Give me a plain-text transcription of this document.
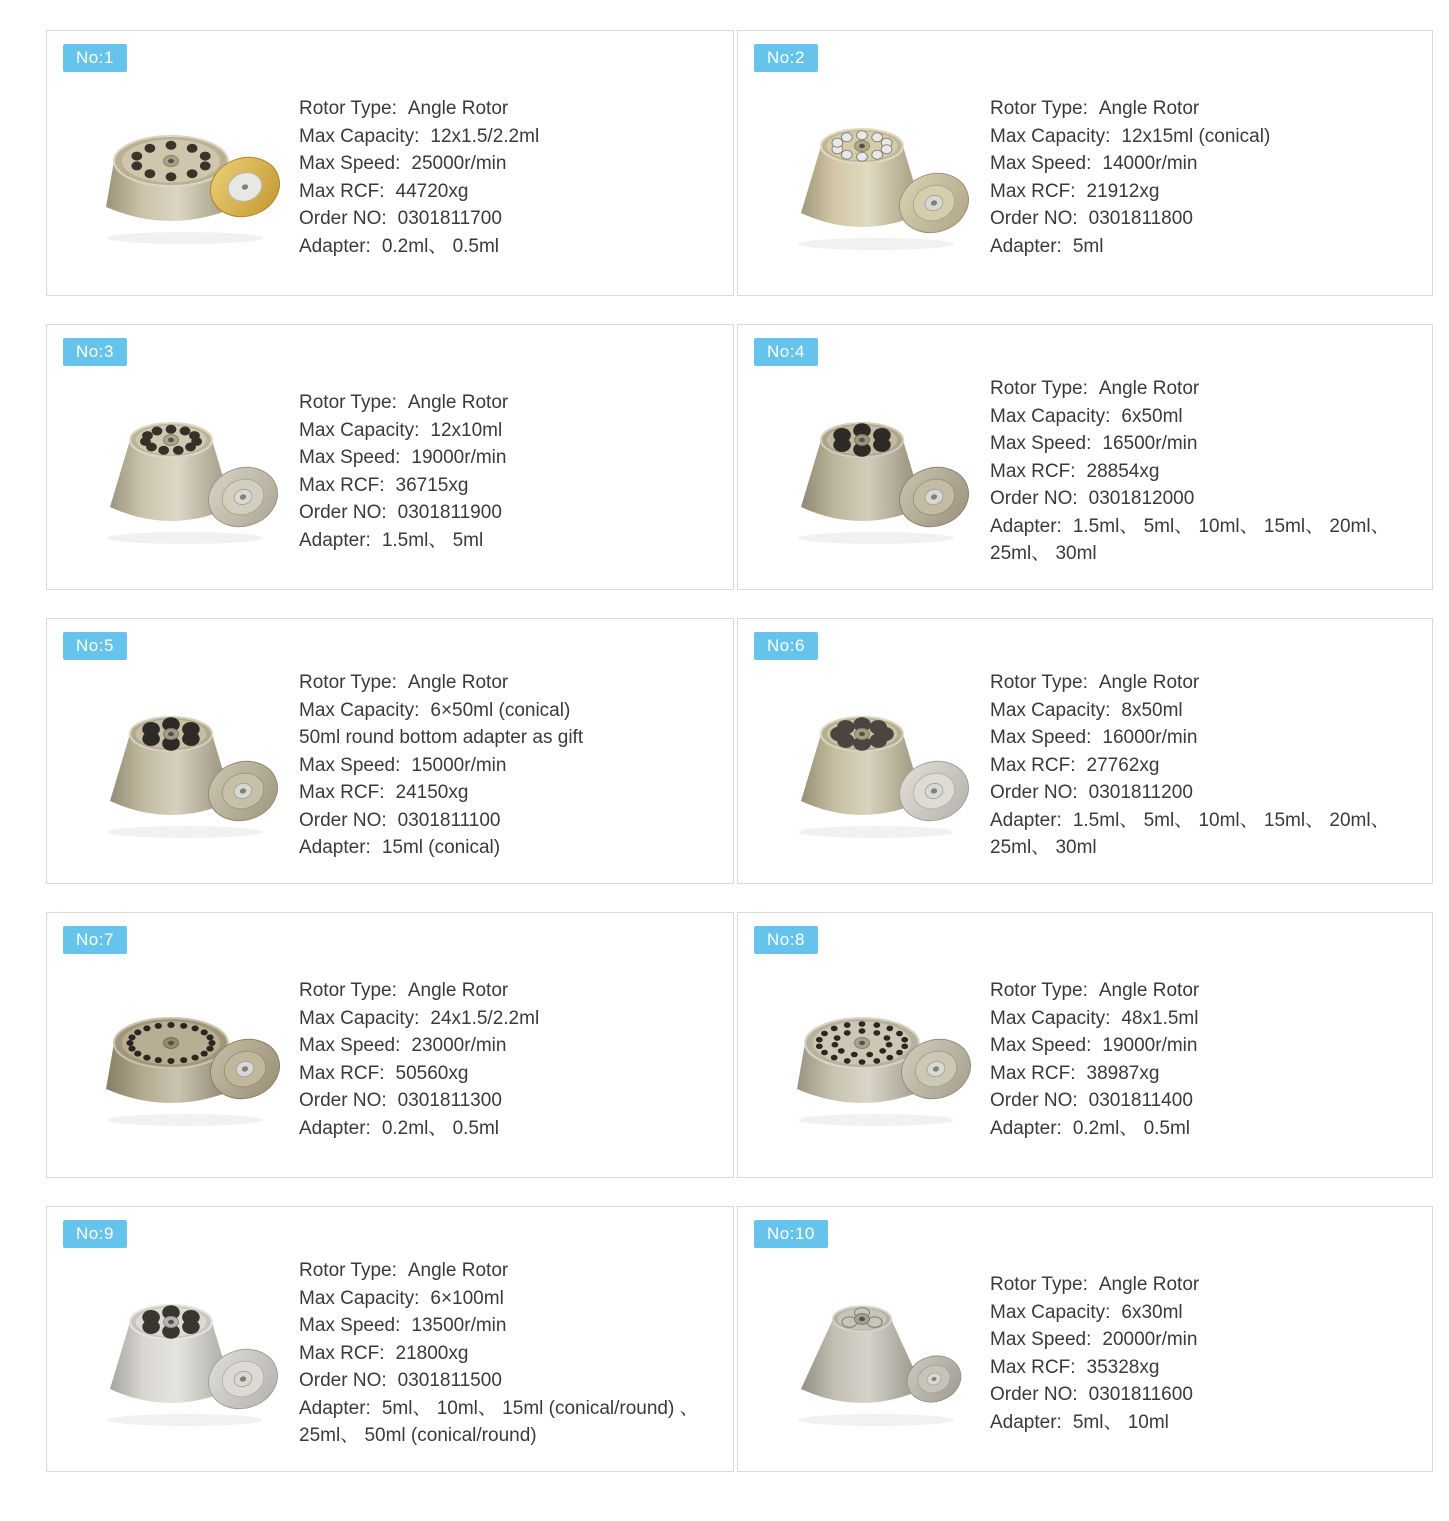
No:1
Rotor Type: Angle Rotor
Max Capacity: 12x1.5/2.2ml
Max Speed: 25000r/min
Max RCF: 44720xg
Order NO: 0301811700
Adapter: 0.2ml、 0.5ml
No:2
Rotor Type: Angle Rotor
Max Capacity: 12x15ml (conical)
Max Speed: 14000r/min
Max RCF: 21912xg
Order NO: 0301811800
Adapter: 5ml
No:3
Rotor Type: Angle Rotor
Max Capacity: 12x10ml
Max Speed: 19000r/min
Max RCF: 36715xg
Order NO: 0301811900
Adapter: 1.5ml、 5ml
No:4
Rotor Type: Angle Rotor
Max Capacity: 6x50ml
Max Speed: 16500r/min
Max RCF: 28854xg
Order NO: 0301812000
Adapter: 1.5ml、 5ml、 10ml、 15ml、 20ml、 25ml、 30ml
No:5
Rotor Type: Angle Rotor
Max Capacity: 6×50ml (conical)
50ml round bottom adapter as gift
Max Speed: 15000r/min
Max RCF: 24150xg
Order NO: 0301811100
Adapter: 15ml (conical)
No:6
Rotor Type: Angle Rotor
Max Capacity: 8x50ml
Max Speed: 16000r/min
Max RCF: 27762xg
Order NO: 0301811200
Adapter: 1.5ml、 5ml、 10ml、 15ml、 20ml、 25ml、 30ml
No:7
Rotor Type: Angle Rotor
Max Capacity: 24x1.5/2.2ml
Max Speed: 23000r/min
Max RCF: 50560xg
Order NO: 0301811300
Adapter: 0.2ml、 0.5ml
No:8
Rotor Type: Angle Rotor
Max Capacity: 48x1.5ml
Max Speed: 19000r/min
Max RCF: 38987xg
Order NO: 0301811400
Adapter: 0.2ml、 0.5ml
No:9
Rotor Type: Angle Rotor
Max Capacity: 6×100ml
Max Speed: 13500r/min
Max RCF: 21800xg
Order NO: 0301811500
Adapter: 5ml、 10ml、 15ml (conical/round) 、 25ml、 50ml (conical/round)
No:10
Rotor Type: Angle Rotor
Max Capacity: 6x30ml
Max Speed: 20000r/min
Max RCF: 35328xg
Order NO: 0301811600
Adapter: 5ml、 10ml
